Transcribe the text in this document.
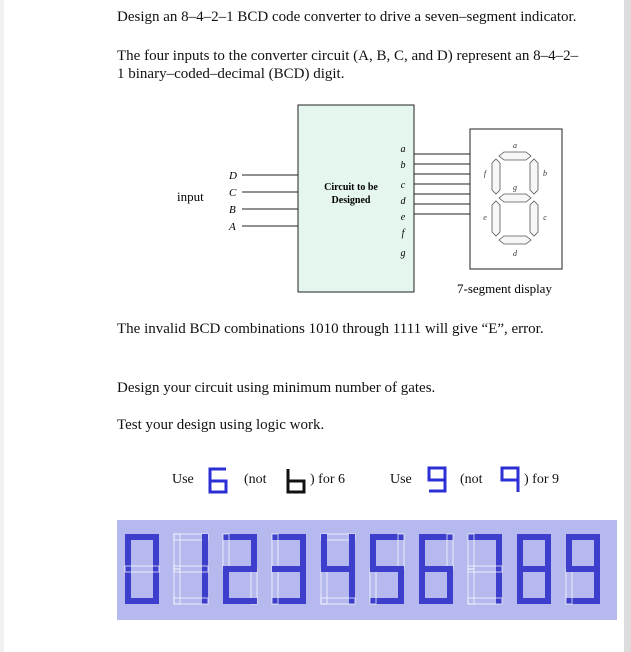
Design an 8–4–2–1 BCD code converter to drive a seven–segment indicator.
The four inputs to the converter circuit (A, B, C, and D) represent an 8–4–2–
1 binary–coded–decimal (BCD) digit.
input
D
C
B
A
Circuit to be
Designed
a
b
c
d
e
f
g
a
b
c
d
e
f
g
7-segment display
The invalid BCD combinations 1010 through 1111 will give “E”, error.
Design your circuit using minimum number of gates.
Test your design using logic work.
Use	(not	) for 6	Use	(not	) for 9
